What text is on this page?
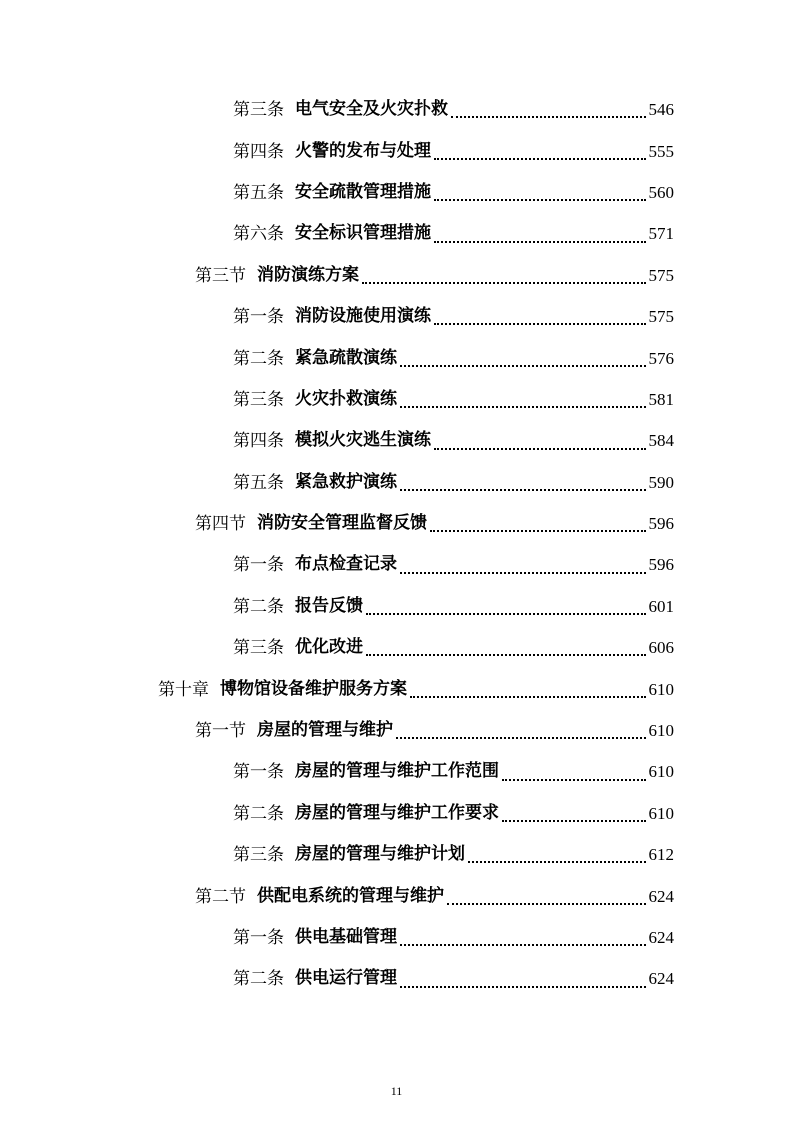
第三条 电气安全及火灾扑救	546
第四条 火警的发布与处理	555
第五条 安全疏散管理措施	560
第六条 安全标识管理措施	571
第三节 消防演练方案	575
第一条 消防设施使用演练	575
第二条 紧急疏散演练	576
第三条 火灾扑救演练	581
第四条 模拟火灾逃生演练	584
第五条 紧急救护演练	590
第四节 消防安全管理监督反馈	596
第一条 布点检查记录	596
第二条 报告反馈	601
第三条 优化改进	606
第十章 博物馆设备维护服务方案	610
第一节 房屋的管理与维护	610
第一条 房屋的管理与维护工作范围	610
第二条 房屋的管理与维护工作要求	610
第三条 房屋的管理与维护计划	612
第二节 供配电系统的管理与维护	624
第一条 供电基础管理	624
第二条 供电运行管理	624
11
